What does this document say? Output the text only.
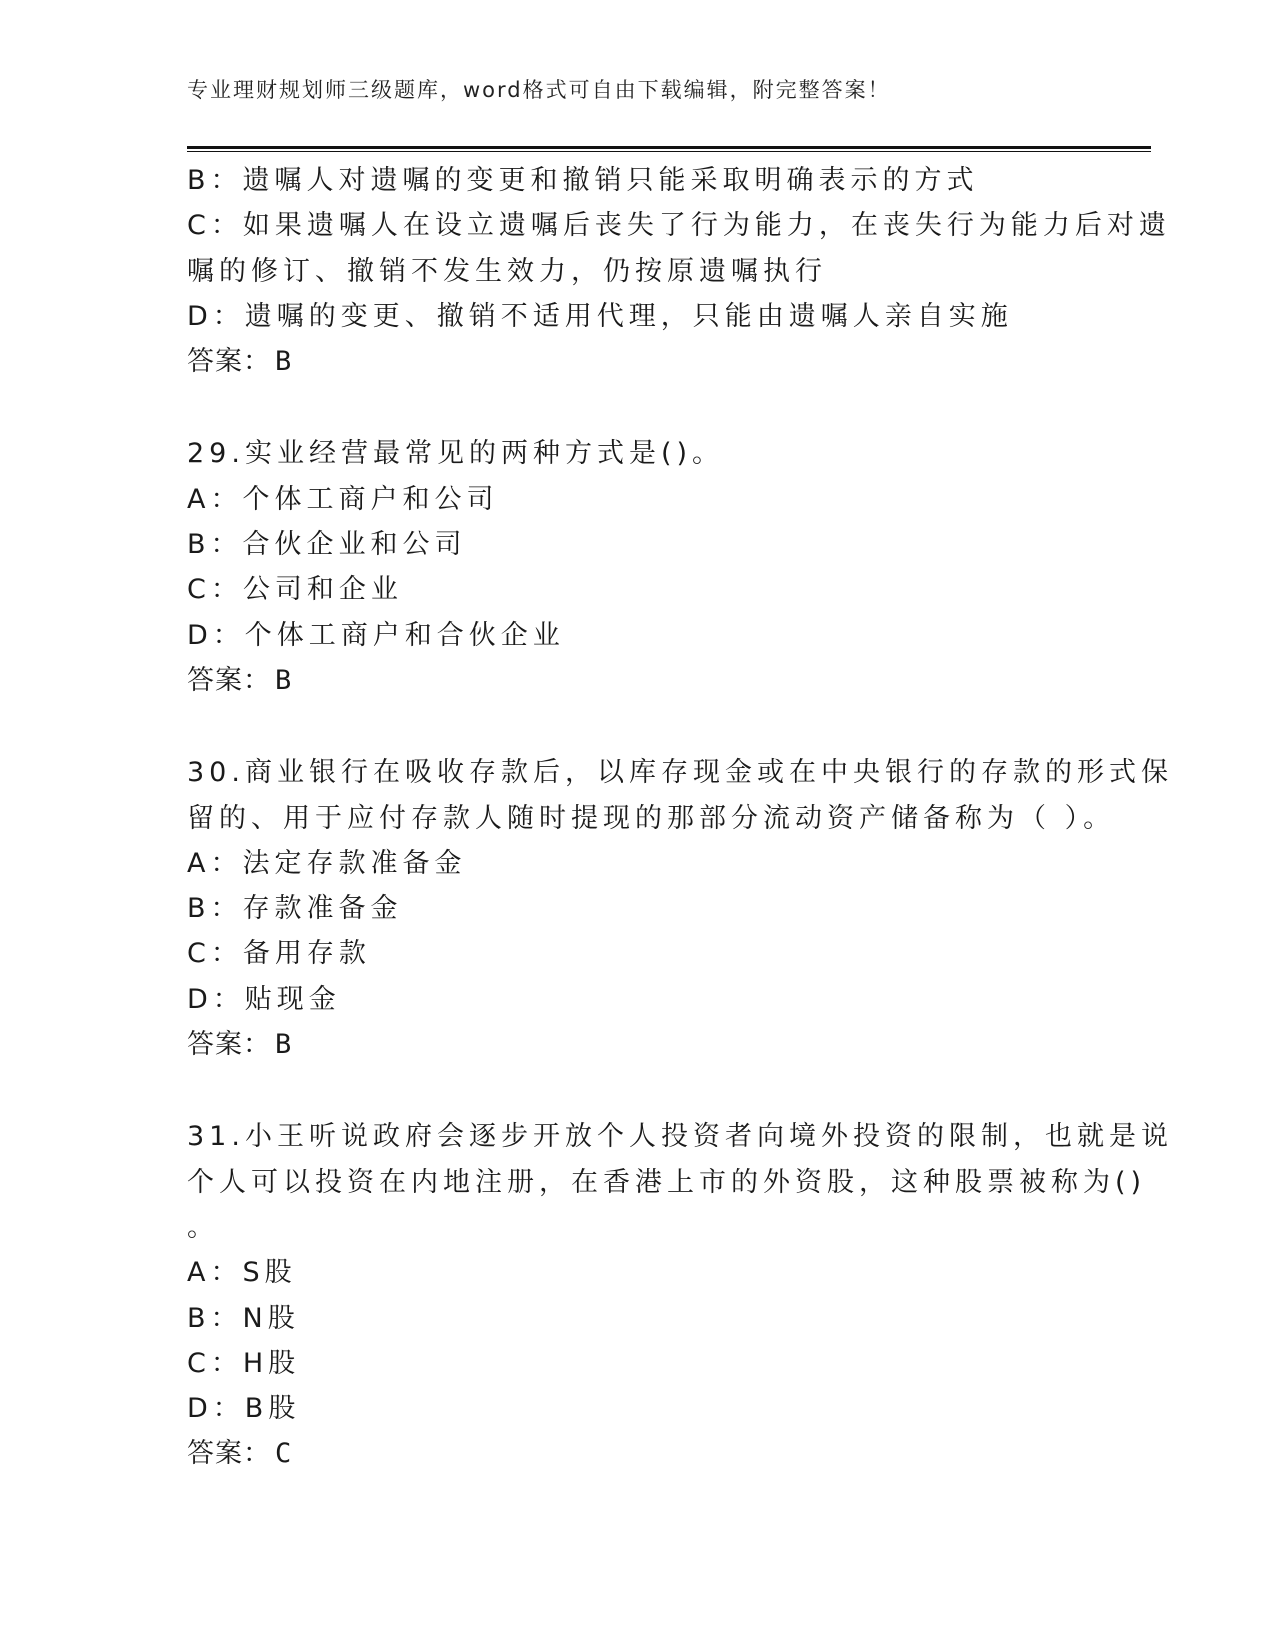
专业理财规划师三级题库，word格式可自由下载编辑，附完整答案！
B：遗嘱人对遗嘱的变更和撤销只能采取明确表示的方式
C：如果遗嘱人在设立遗嘱后丧失了行为能力，在丧失行为能力后对遗
嘱的修订、撤销不发生效力，仍按原遗嘱执行
D：遗嘱的变更、撤销不适用代理，只能由遗嘱人亲自实施
答案： B
29.实业经营最常见的两种方式是()。
A：个体工商户和公司
B：合伙企业和公司
C：公司和企业
D：个体工商户和合伙企业
答案： B
30.商业银行在吸收存款后，以库存现金或在中央银行的存款的形式保
留的、用于应付存款人随时提现的那部分流动资产储备称为（ ）。
A：法定存款准备金
B：存款准备金
C：备用存款
D：贴现金
答案： B
31.小王听说政府会逐步开放个人投资者向境外投资的限制，也就是说
个人可以投资在内地注册，在香港上市的外资股，这种股票被称为()
。
A：S股
B：N股
C：H股
D：B股
答案： C
